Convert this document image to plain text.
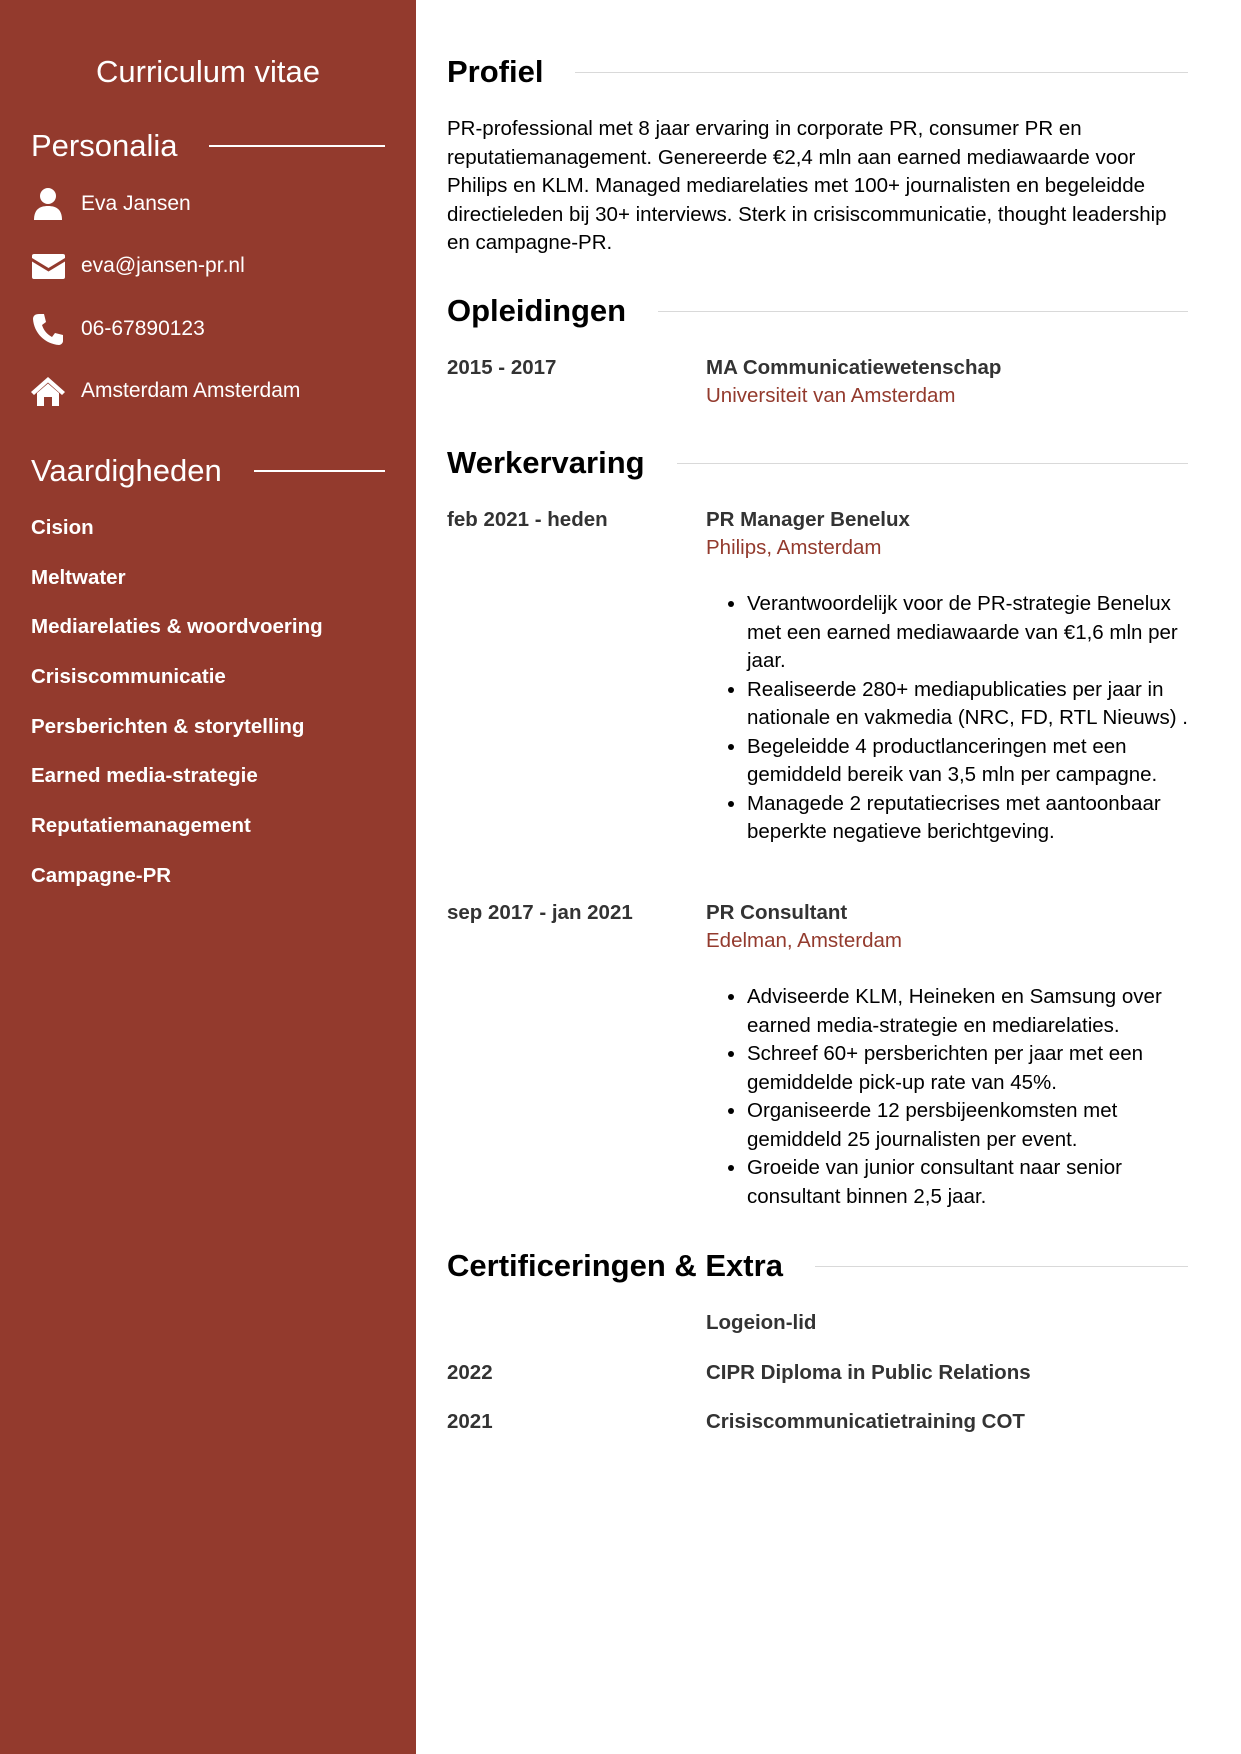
Curriculum vitae
Personalia
Eva Jansen
eva@jansen-pr.nl
06-67890123
Amsterdam Amsterdam
Vaardigheden
Cision
Meltwater
Mediarelaties & woordvoering
Crisiscommunicatie
Persberichten & storytelling
Earned media-strategie
Reputatiemanagement
Campagne-PR
Profiel

PR-professional met 8 jaar ervaring in corporate PR, consumer PR en reputatiemanagement. Genereerde €2,4 mln aan earned mediawaarde voor Philips en KLM. Managed mediarelaties met 100+ journalisten en begeleidde directieleden bij 30+ interviews. Sterk in crisiscommunicatie, thought leadership en campagne-PR.

Opleidingen
2015 - 2017	MA Communicatiewetenschap
Universiteit van Amsterdam
Werkervaring
feb 2021 - heden	PR Manager Benelux
Philips, Amsterdam
• Verantwoordelijk voor de PR-strategie Benelux met een earned mediawaarde van €1,6 mln per jaar.
• Realiseerde 280+ mediapublicaties per jaar in nationale en vakmedia (NRC, FD, RTL Nieuws) .
• Begeleidde 4 productlanceringen met een gemiddeld bereik van 3,5 mln per campagne.
• Managede 2 reputatiecrises met aantoonbaar beperkte negatieve berichtgeving.
sep 2017 - jan 2021	PR Consultant
Edelman, Amsterdam
• Adviseerde KLM, Heineken en Samsung over earned media-strategie en mediarelaties.
• Schreef 60+ persberichten per jaar met een gemiddelde pick-up rate van 45%.
• Organiseerde 12 persbijeenkomsten met gemiddeld 25 journalisten per event.
• Groeide van junior consultant naar senior consultant binnen 2,5 jaar.
Certificeringen & Extra
Logeion-lid
2022	CIPR Diploma in Public Relations
2021	Crisiscommunicatietraining COT
